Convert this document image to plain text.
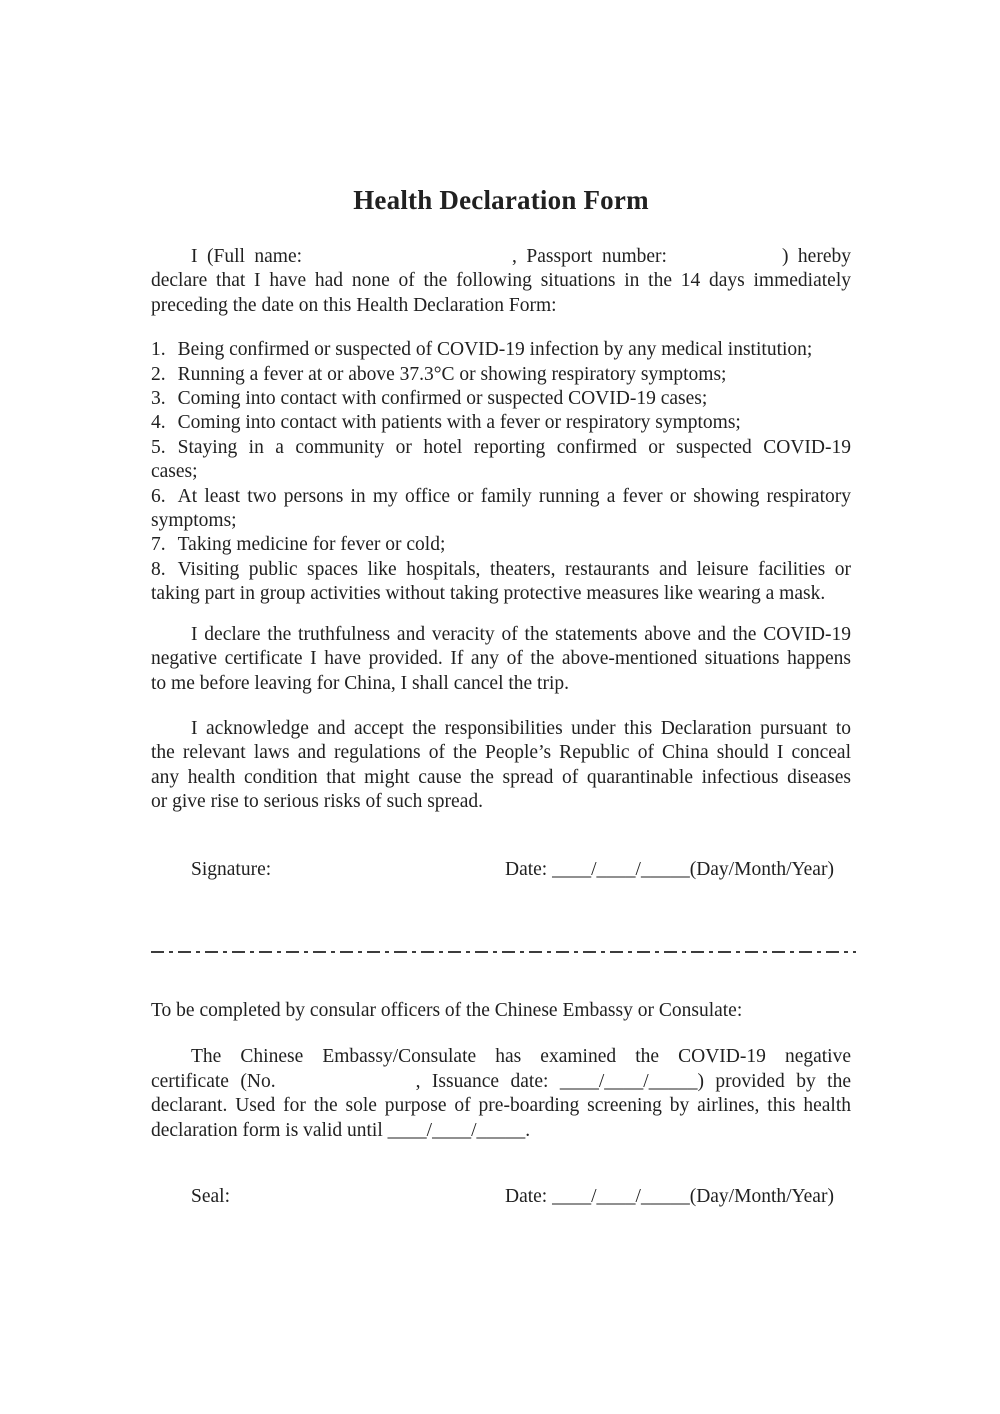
Health Declaration Form
I (Full name:	, Passport number:	) hereby
declare that I have had none of the following situations in the 14 days immediately
preceding the date on this Health Declaration Form:
1. Being confirmed or suspected of COVID-19 infection by any medical institution;
2. Running a fever at or above 37.3°C or showing respiratory symptoms;
3. Coming into contact with confirmed or suspected COVID-19 cases;
4. Coming into contact with patients with a fever or respiratory symptoms;
5. Staying in a community or hotel reporting confirmed or suspected COVID-19
cases;
6. At least two persons in my office or family running a fever or showing respiratory
symptoms;
7. Taking medicine for fever or cold;
8. Visiting public spaces like hospitals, theaters, restaurants and leisure facilities or
taking part in group activities without taking protective measures like wearing a mask.
I declare the truthfulness and veracity of the statements above and the COVID-19
negative certificate I have provided. If any of the above-mentioned situations happens
to me before leaving for China, I shall cancel the trip.
I acknowledge and accept the responsibilities under this Declaration pursuant to
the relevant laws and regulations of the People’s Republic of China should I conceal
any health condition that might cause the spread of quarantinable infectious diseases
or give rise to serious risks of such spread.
Signature:	Date: ____/____/_____(Day/Month/Year)
To be completed by consular officers of the Chinese Embassy or Consulate:
The Chinese Embassy/Consulate has examined the COVID-19 negative
certificate (No.	, Issuance date: ____/____/_____) provided by the
declarant. Used for the sole purpose of pre-boarding screening by airlines, this health
declaration form is valid until ____/____/_____.
Seal:	Date: ____/____/_____(Day/Month/Year)
